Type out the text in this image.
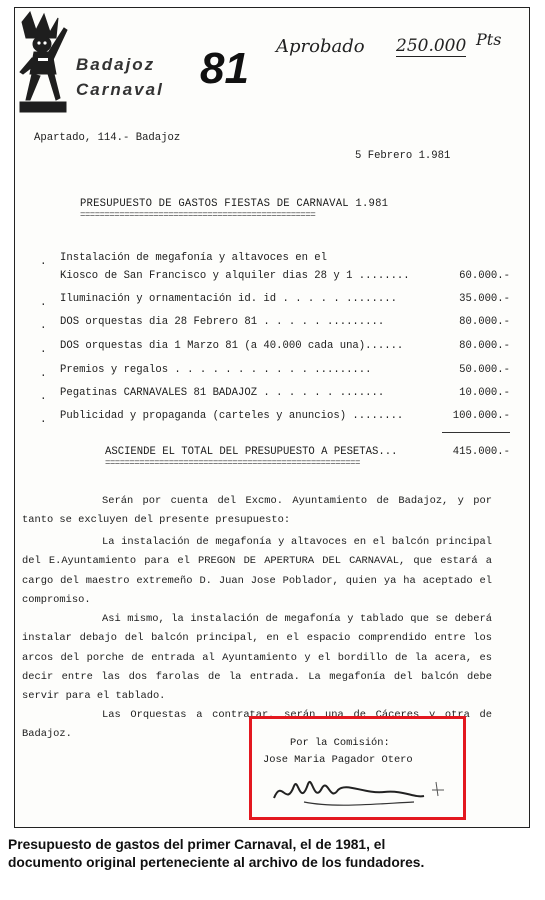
Badajoz
Carnaval 81 Aprobado 250.000 Pts
Apartado, 114.- Badajoz
5 Febrero 1.981
PRESUPUESTO DE GASTOS FIESTAS DE CARNAVAL 1.981
================================================
. Instalación de megafonía y altavoces en el
Kiosco de San Francisco y alquiler dias 28 y 1 ........	60.000.-
. Iluminación y ornamentación id. id . . . . . ........	35.000.-
. DOS orquestas dia 28 Febrero 81 . . . . . .........	80.000.-
. DOS orquestas dia 1 Marzo 81 (a 40.000 cada una)......	80.000.-
. Premios y regalos . . . . . . . . . . . .........	50.000.-
. Pegatinas CARNAVALES 81 BADAJOZ . . . . . . .......	10.000.-
. Publicidad y propaganda (carteles y anuncios) ........	100.000.-
ASCIENDE EL TOTAL DEL PRESUPUESTO A PESETAS...	415.000.-
====================================================

Serán por cuenta del Excmo. Ayuntamiento de Badajoz, y por tanto se excluyen del presente presupuesto:

La instalación de megafonía y altavoces en el balcón principal del E.Ayuntamiento para el PREGON DE APERTURA DEL CARNAVAL, que estará a cargo del maestro extremeño D. Juan Jose Poblador, quien ya ha aceptado el compromiso.

Asi mismo, la instalación de megafonía y tablado que se deberá instalar debajo del balcón principal, en el espacio comprendido entre los arcos del porche de entrada al Ayuntamiento y el bordillo de la acera, es decir entre las dos farolas de la entrada. La megafonía del balcón debe servir para el tablado.

Las Orquestas a contratar, serán una de Cáceres y otra de Badajoz.

Por la Comisión:
Jose Maria Pagador Otero
Presupuesto de gastos del primer Carnaval, el de 1981, el
documento original perteneciente al archivo de los fundadores.
